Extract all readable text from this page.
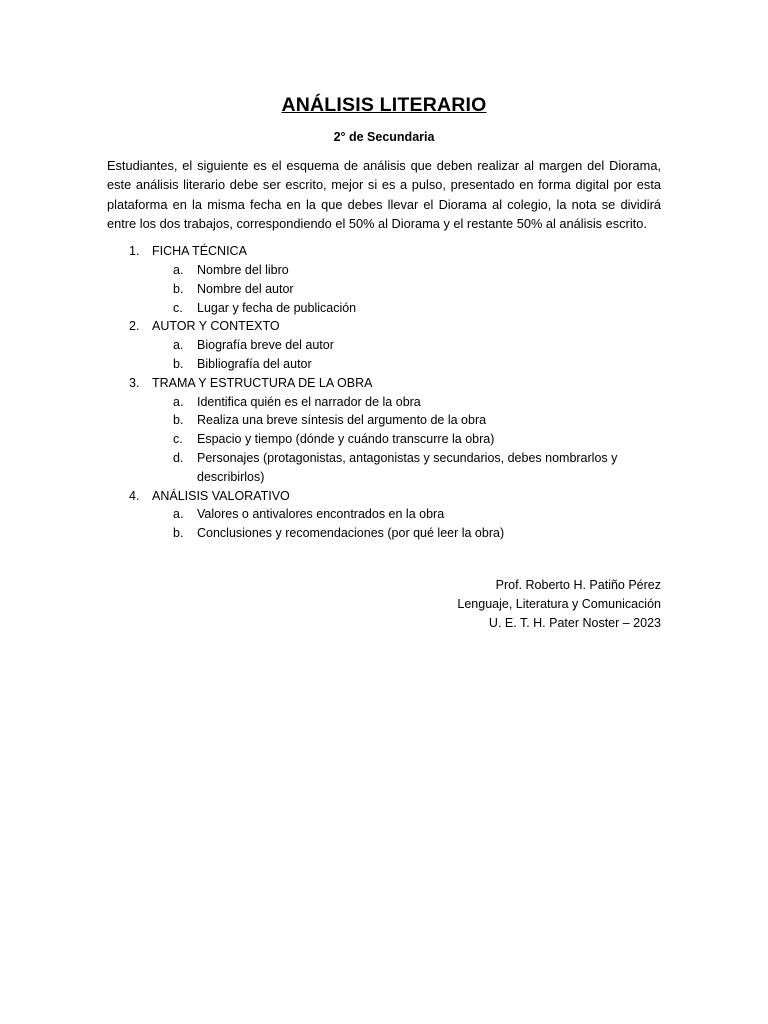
ANÁLISIS LITERARIO

2° de Secundaria

Estudiantes, el siguiente es el esquema de análisis que deben realizar al margen del Diorama, este análisis literario debe ser escrito, mejor si es a pulso, presentado en forma digital por esta plataforma en la misma fecha en la que debes llevar el Diorama al colegio, la nota se dividirá entre los dos trabajos, correspondiendo el 50% al Diorama y el restante 50% al análisis escrito.

1. FICHA TÉCNICA
a. Nombre del libro
b. Nombre del autor
c. Lugar y fecha de publicación
2. AUTOR Y CONTEXTO
a. Biografía breve del autor
b. Bibliografía del autor
3. TRAMA Y ESTRUCTURA DE LA OBRA
a. Identifica quién es el narrador de la obra
b. Realiza una breve síntesis del argumento de la obra
c. Espacio y tiempo (dónde y cuándo transcurre la obra)
d. Personajes (protagonistas, antagonistas y secundarios, debes nombrarlos y describirlos)
4. ANÁLISIS VALORATIVO
a. Valores o antivalores encontrados en la obra
b. Conclusiones y recomendaciones (por qué leer la obra)
Prof. Roberto H. Patiño Pérez
Lenguaje, Literatura y Comunicación
U. E. T. H. Pater Noster – 2023
